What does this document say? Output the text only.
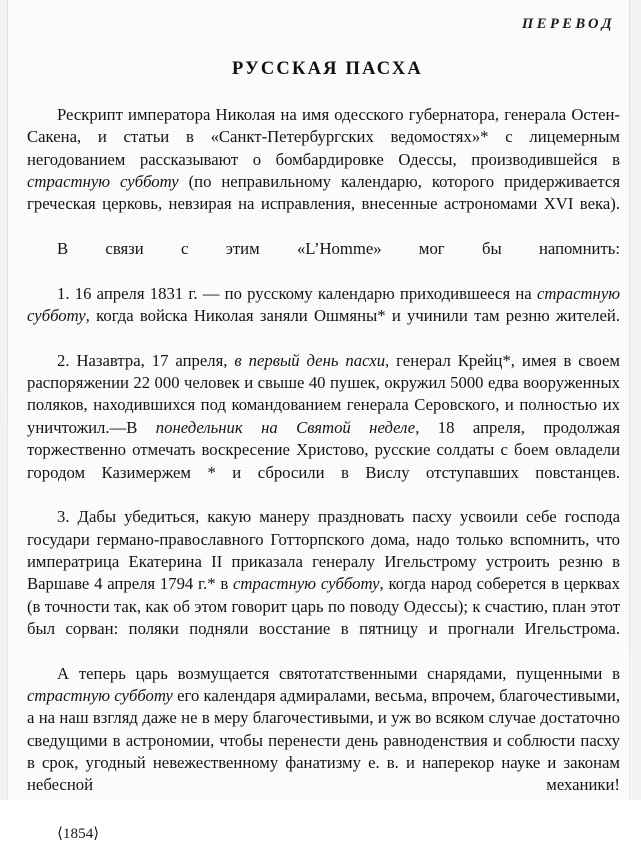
ПЕРЕВОД
РУССКАЯ ПАСХА

Рескрипт императора Николая на имя одесского губернатора, генерала Остен-Сакена, и статьи в «Санкт-Петербургских ведомостях»* с лицемерным негодованием рассказывают о бомбардировке Одессы, производившейся в страстную субботу (по неправильному календарю, которого придерживается греческая церковь, невзирая на исправления, внесенные астрономами XVI века).

В связи с этим «L’Homme» мог бы напомнить:

1. 16 апреля 1831 г. — по русскому календарю приходившееся на страстную субботу, когда войска Николая заняли Ошмяны* и учинили там резню жителей.

2. Назавтра, 17 апреля, в первый день пасхи, генерал Крейц*, имея в своем распоряжении 22 000 человек и свыше 40 пушек, окружил 5000 едва вооруженных поляков, находившихся под командованием генерала Серовского, и полностью их уничтожил.—В понедельник на Святой неделе, 18 апреля, продолжая торжественно отмечать воскресение Христово, русские солдаты с боем овладели городом Казимержем * и сбросили в Вислу отступавших повстанцев.

3. Дабы убедиться, какую манеру праздновать пасху усвоили себе господа государи германо-православного Готторпского дома, надо только вспомнить, что императрица Екатерина II приказала генералу Игельстрому устроить резню в Варшаве 4 апреля 1794 г.* в страстную субботу, когда народ соберется в церквах (в точности так, как об этом говорит царь по поводу Одессы); к счастию, план этот был сорван: поляки подняли восстание в пятницу и прогнали Игельстрома.

А теперь царь возмущается святотатственными снарядами, пущенными в страстную субботу его календаря адмиралами, весьма, впрочем, благочестивыми, а на наш взгляд даже не в меру благочестивыми, и уж во всяком случае достаточно сведущими в астрономии, чтобы перенести день равноденствия и соблюсти пасху в срок, угодный невежественному фанатизму е. в. и наперекор науке и законам небесной механики!

⟨1854⟩
